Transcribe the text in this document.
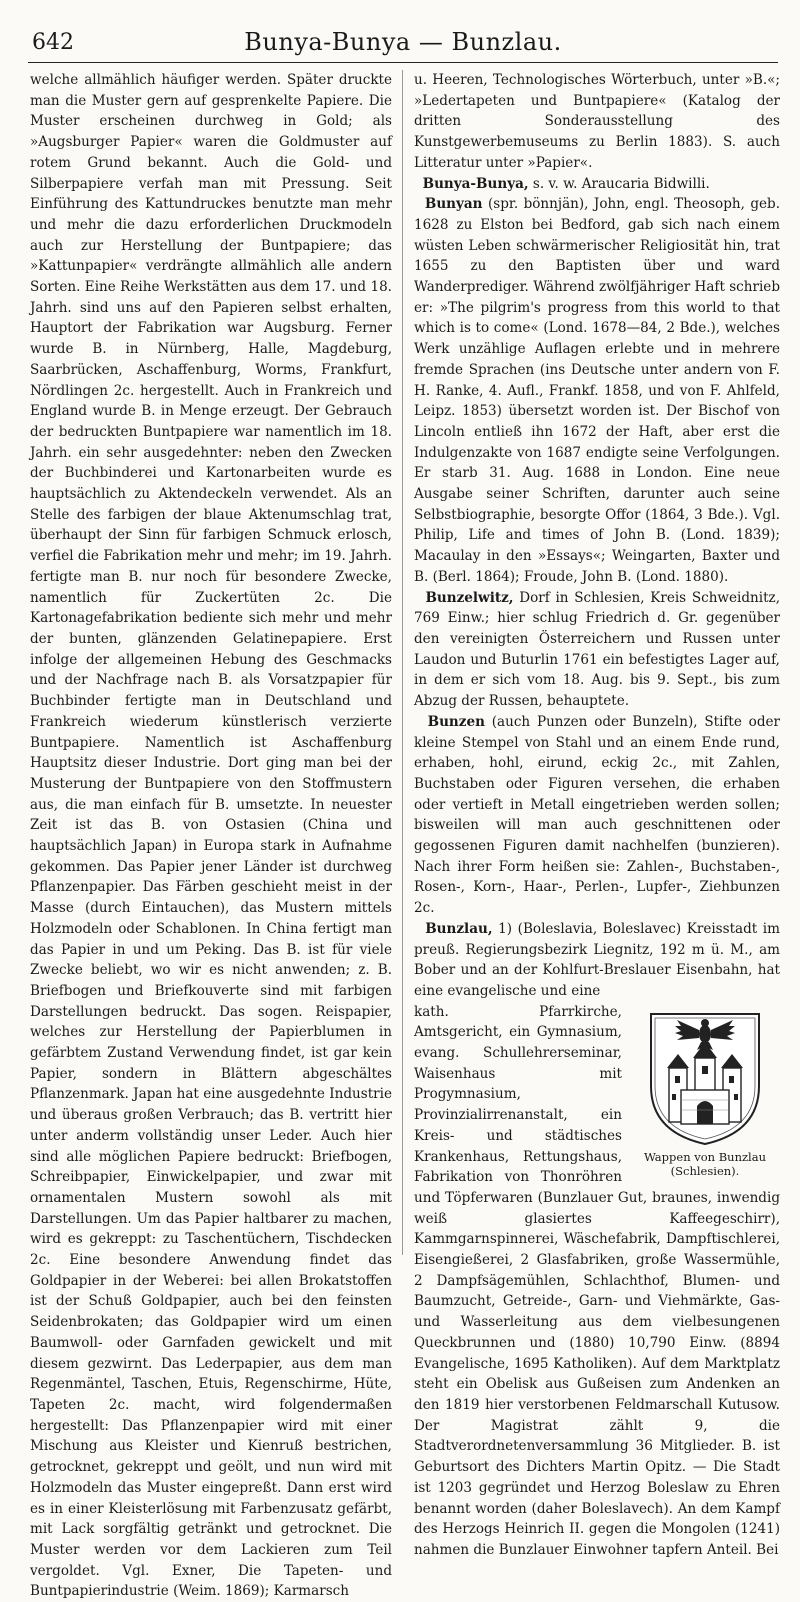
642	Bunya-Bunya — Bunzlau.

welche allmählich häufiger werden. Später druckte man die Muster gern auf gesprenkelte Papiere. Die Muster erscheinen durchweg in Gold; als »Augsburger Papier« waren die Goldmuster auf rotem Grund bekannt. Auch die Gold- und Silberpapiere verfah man mit Pressung. Seit Einführung des Kattundruckes benutzte man mehr und mehr die dazu erforderlichen Druckmodeln auch zur Herstellung der Buntpapiere; das »Kattunpapier« verdrängte allmählich alle andern Sorten. Eine Reihe Werkstätten aus dem 17. und 18. Jahrh. sind uns auf den Papieren selbst erhalten, Hauptort der Fabrikation war Augsburg. Ferner wurde B. in Nürnberg, Halle, Magdeburg, Saarbrücken, Aschaffenburg, Worms, Frankfurt, Nördlingen 2c. hergestellt. Auch in Frankreich und England wurde B. in Menge erzeugt. Der Gebrauch der bedruckten Buntpapiere war namentlich im 18. Jahrh. ein sehr ausgedehnter: neben den Zwecken der Buchbinderei und Kartonarbeiten wurde es hauptsächlich zu Aktendeckeln verwendet. Als an Stelle des farbigen der blaue Aktenumschlag trat, überhaupt der Sinn für farbigen Schmuck erlosch, verfiel die Fabrikation mehr und mehr; im 19. Jahrh. fertigte man B. nur noch für besondere Zwecke, namentlich für Zuckertüten 2c. Die Kartonagefabrikation bediente sich mehr und mehr der bunten, glänzenden Gelatinepapiere. Erst infolge der allgemeinen Hebung des Geschmacks und der Nachfrage nach B. als Vorsatzpapier für Buchbinder fertigte man in Deutschland und Frankreich wiederum künstlerisch verzierte Buntpapiere. Namentlich ist Aschaffenburg Hauptsitz dieser Industrie. Dort ging man bei der Musterung der Buntpapiere von den Stoffmustern aus, die man einfach für B. umsetzte. In neuester Zeit ist das B. von Ostasien (China und hauptsächlich Japan) in Europa stark in Aufnahme gekommen. Das Papier jener Länder ist durchweg Pflanzenpapier. Das Färben geschieht meist in der Masse (durch Eintauchen), das Mustern mittels Holzmodeln oder Schablonen. In China fertigt man das Papier in und um Peking. Das B. ist für viele Zwecke beliebt, wo wir es nicht anwenden; z. B. Briefbogen und Briefkouverte sind mit farbigen Darstellungen bedruckt. Das sogen. Reispapier, welches zur Herstellung der Papierblumen in gefärbtem Zustand Verwendung findet, ist gar kein Papier, sondern in Blättern abgeschältes Pflanzenmark. Japan hat eine ausgedehnte Industrie und überaus großen Verbrauch; das B. vertritt hier unter anderm vollständig unser Leder. Auch hier sind alle möglichen Papiere bedruckt: Briefbogen, Schreibpapier, Einwickelpapier, und zwar mit ornamentalen Mustern sowohl als mit Darstellungen. Um das Papier haltbarer zu machen, wird es gekreppt: zu Taschentüchern, Tischdecken 2c. Eine besondere Anwendung findet das Goldpapier in der Weberei: bei allen Brokatstoffen ist der Schuß Goldpapier, auch bei den feinsten Seidenbrokaten; das Goldpapier wird um einen Baumwoll- oder Garnfaden gewickelt und mit diesem gezwirnt. Das Lederpapier, aus dem man Regenmäntel, Taschen, Etuis, Regenschirme, Hüte, Tapeten 2c. macht, wird folgendermaßen hergestellt: Das Pflanzenpapier wird mit einer Mischung aus Kleister und Kienruß bestrichen, getrocknet, gekreppt und geölt, und nun wird mit Holzmodeln das Muster eingepreßt. Dann erst wird es in einer Kleisterlösung mit Farbenzusatz gefärbt, mit Lack sorgfältig getränkt und getrocknet. Die Muster werden vor dem Lackieren zum Teil vergoldet. Vgl. Exner, Die Tapeten- und Buntpapierindustrie (Weim. 1869); Karmarsch

u. Heeren, Technologisches Wörterbuch, unter »B.«; »Ledertapeten und Buntpapiere« (Katalog der dritten Sonderausstellung des Kunstgewerbemuseums zu Berlin 1883). S. auch Litteratur unter »Papier«.

Bunya-Bunya, s. v. w. Araucaria Bidwilli.

Bunyan (spr. bönnjän), John, engl. Theosoph, geb. 1628 zu Elston bei Bedford, gab sich nach einem wüsten Leben schwärmerischer Religiosität hin, trat 1655 zu den Baptisten über und ward Wanderprediger. Während zwölfjähriger Haft schrieb er: »The pilgrim's progress from this world to that which is to come« (Lond. 1678—84, 2 Bde.), welches Werk unzählige Auflagen erlebte und in mehrere fremde Sprachen (ins Deutsche unter andern von F. H. Ranke, 4. Aufl., Frankf. 1858, und von F. Ahlfeld, Leipz. 1853) übersetzt worden ist. Der Bischof von Lincoln entließ ihn 1672 der Haft, aber erst die Indulgenzakte von 1687 endigte seine Verfolgungen. Er starb 31. Aug. 1688 in London. Eine neue Ausgabe seiner Schriften, darunter auch seine Selbstbiographie, besorgte Offor (1864, 3 Bde.). Vgl. Philip, Life and times of John B. (Lond. 1839); Macaulay in den »Essays«; Weingarten, Baxter und B. (Berl. 1864); Froude, John B. (Lond. 1880).

Bunzelwitz, Dorf in Schlesien, Kreis Schweidnitz, 769 Einw.; hier schlug Friedrich d. Gr. gegenüber den vereinigten Österreichern und Russen unter Laudon und Buturlin 1761 ein befestigtes Lager auf, in dem er sich vom 18. Aug. bis 9. Sept., bis zum Abzug der Russen, behauptete.

Bunzen (auch Punzen oder Bunzeln), Stifte oder kleine Stempel von Stahl und an einem Ende rund, erhaben, hohl, eirund, eckig 2c., mit Zahlen, Buchstaben oder Figuren versehen, die erhaben oder vertieft in Metall eingetrieben werden sollen; bisweilen will man auch geschnittenen oder gegossenen Figuren damit nachhelfen (bunzieren). Nach ihrer Form heißen sie: Zahlen-, Buchstaben-, Rosen-, Korn-, Haar-, Perlen-, Lupfer-, Ziehbunzen 2c.

Bunzlau, 1) (Boleslavia, Boleslavec) Kreisstadt im preuß. Regierungsbezirk Liegnitz, 192 m ü. M., am Bober und an der Kohlfurt-Breslauer Eisenbahn, hat eine evangelische und eine

Wappen von Bunzlau
(Schlesien).

kath. Pfarrkirche, Amtsgericht, ein Gymnasium, evang. Schullehrerseminar, Waisenhaus mit Progymnasium, Provinzialirrenanstalt, ein Kreis- und städtisches Krankenhaus, Rettungshaus, Fabrikation von Thonröhren und Töpferwaren (Bunzlauer Gut, braunes, inwendig weiß glasiertes Kaffeegeschirr), Kammgarnspinnerei, Wäschefabrik, Dampftischlerei, Eisengießerei, 2 Glasfabriken, große Wassermühle, 2 Dampfsägemühlen, Schlachthof, Blumen- und Baumzucht, Getreide-, Garn- und Viehmärkte, Gas- und Wasserleitung aus dem vielbesungenen Queckbrunnen und (1880) 10,790 Einw. (8894 Evangelische, 1695 Katholiken). Auf dem Marktplatz steht ein Obelisk aus Gußeisen zum Andenken an den 1819 hier verstorbenen Feldmarschall Kutusow. Der Magistrat zählt 9, die Stadtverordnetenversammlung 36 Mitglieder. B. ist Geburtsort des Dichters Martin Opitz. — Die Stadt ist 1203 gegründet und Herzog Boleslaw zu Ehren benannt worden (daher Boleslavech). An dem Kampf des Herzogs Heinrich II. gegen die Mongolen (1241) nahmen die Bunzlauer Einwohner tapfern Anteil. Bei
